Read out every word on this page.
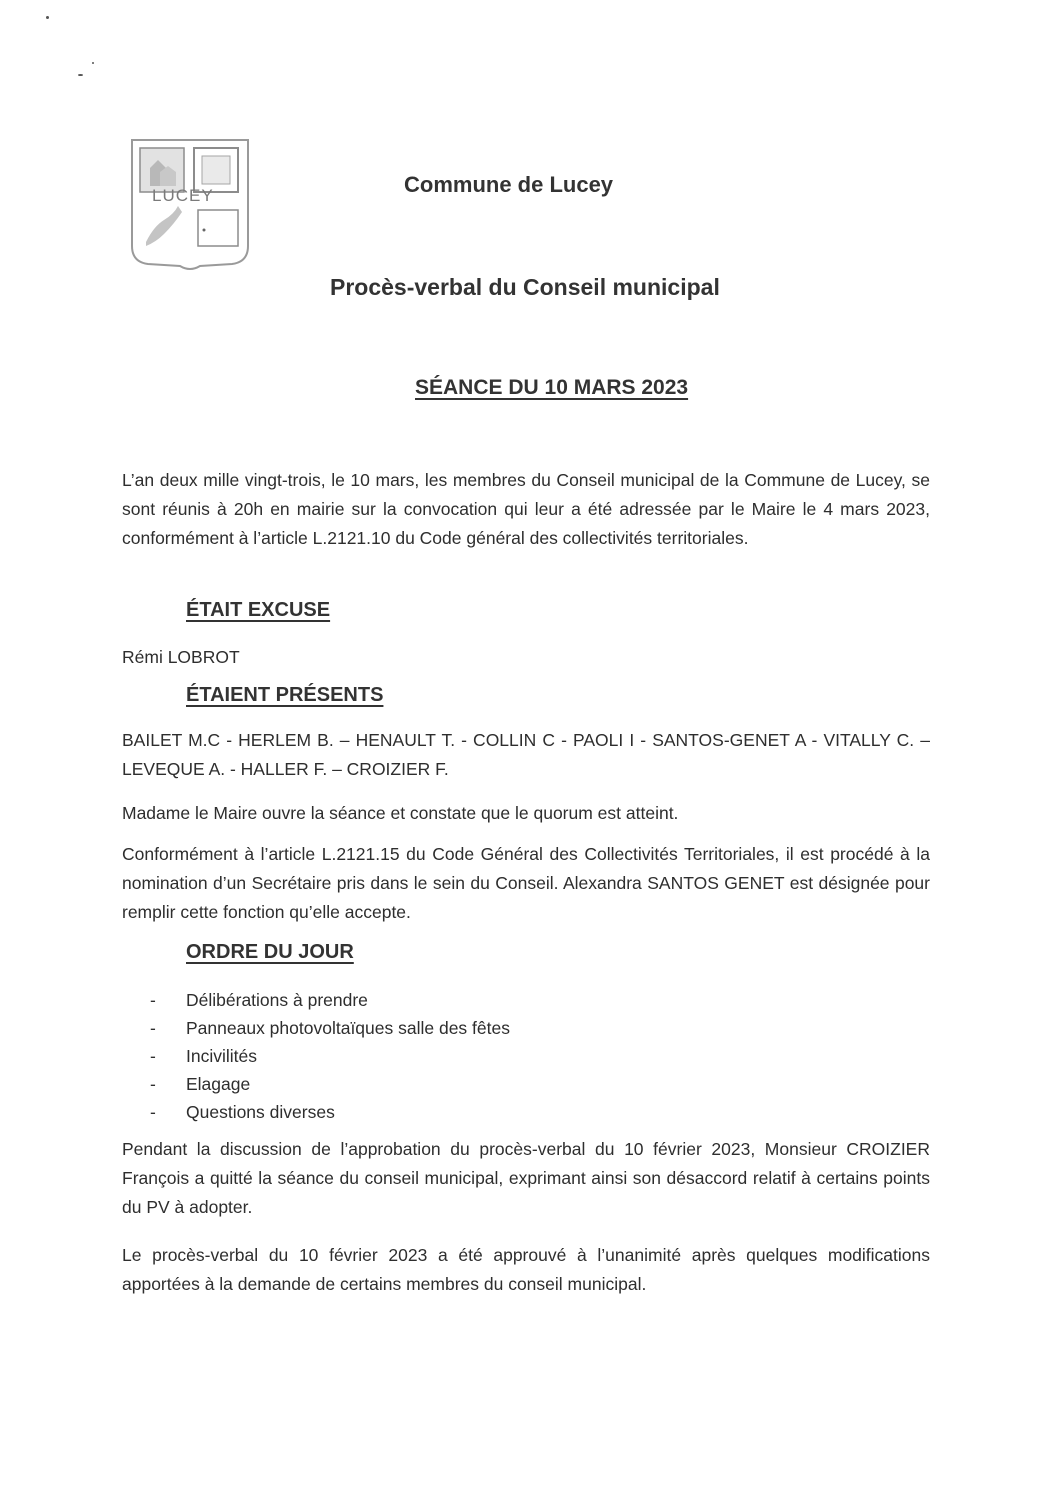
LUCEY	Commune de Lucey
Procès-verbal du Conseil municipal
SÉANCE DU 10 MARS 2023

L’an deux mille vingt-trois, le 10 mars, les membres du Conseil municipal de la Commune de Lucey, se sont réunis à 20h en mairie sur la convocation qui leur a été adressée par le Maire le 4 mars 2023, conformément à l’article L.2121.10 du Code général des collectivités territoriales.

ÉTAIT EXCUSE
Rémi LOBROT
ÉTAIENT PRÉSENTS

BAILET M.C - HERLEM B. – HENAULT T. - COLLIN C - PAOLI I - SANTOS-GENET A - VITALLY C. – LEVEQUE A. - HALLER F. – CROIZIER F.

Madame le Maire ouvre la séance et constate que le quorum est atteint.

Conformément à l’article L.2121.15 du Code Général des Collectivités Territoriales, il est procédé à la nomination d’un Secrétaire pris dans le sein du Conseil. Alexandra SANTOS GENET est désignée pour remplir cette fonction qu’elle accepte.

ORDRE DU JOUR
-	Délibérations à prendre
-	Panneaux photovoltaïques salle des fêtes
-	Incivilités
-	Elagage
-	Questions diverses

Pendant la discussion de l’approbation du procès-verbal du 10 février 2023, Monsieur CROIZIER François a quitté la séance du conseil municipal, exprimant ainsi son désaccord relatif à certains points du PV à adopter.

Le procès-verbal du 10 février 2023 a été approuvé à l’unanimité après quelques modifications apportées à la demande de certains membres du conseil municipal.
